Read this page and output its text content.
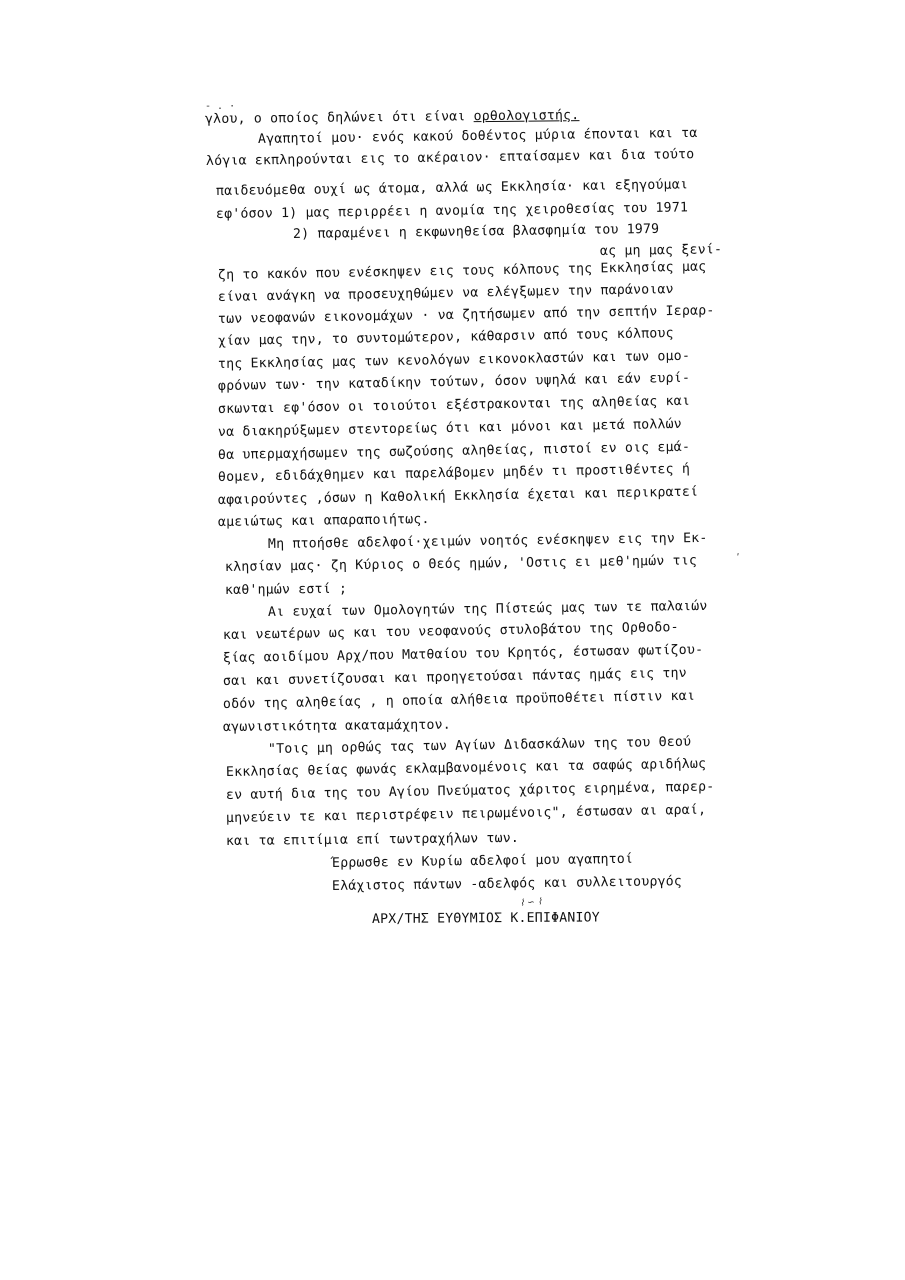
- . ·
γλου, ο οποίος δηλώνει ότι είναι ορθολογιστής.
Αγαπητοί μου· ενός κακού δοθέντος μύρια έπονται και τα
λόγια εκπληρούνται εις το ακέραιον· επταίσαμεν και δια τούτο
παιδευόμεθα ουχί ως άτομα, αλλά ως Εκκλησία· και εξηγούμαι
εφ'όσον 1) μας περιρρέει η ανομία της χειροθεσίας του 1971
2) παραμένει η εκφωνηθείσα βλασφημία του 1979
ας μη μας ξενί-
ζη το κακόν που ενέσκηψεν εις τους κόλπους της Εκκλησίας μας
είναι ανάγκη να προσευχηθώμεν να ελέγξωμεν την παράνοιαν
των νεοφανών εικονομάχων · να ζητήσωμεν από την σεπτήν Ιεραρ-
χίαν μας την, το συντομώτερον, κάθαρσιν από τους κόλπους
της Εκκλησίας μας των κενολόγων εικονοκλαστών και των ομο-
φρόνων των· την καταδίκην τούτων, όσον υψηλά και εάν ευρί-
σκωνται εφ'όσον οι τοιούτοι εξέστρακονται της αληθείας και
να διακηρύξωμεν στεντορείως ότι και μόνοι και μετά πολλών
θα υπερμαχήσωμεν της σωζούσης αληθείας, πιστοί εν οις εμά-
θομεν, εδιδάχθημεν και παρελάβομεν μηδέν τι προστιθέντες ή
αφαιρούντες ,όσων η Καθολική Εκκλησία έχεται και περικρατεί
αμειώτως και απαραποιήτως.
Μη πτοήσθε αδελφοί·χειμών νοητός ενέσκηψεν εις την Εκ-
κλησίαν μας· ζη Κύριος ο Θεός ημών, 'Οστις ει μεθ'ημών τις
καθ'ημών εστί ;
ʹ
Αι ευχαί των Ομολογητών της Πίστεώς μας των τε παλαιών
και νεωτέρων ως και του νεοφανούς στυλοβάτου της Ορθοδο-
ξίας αοιδίμου Αρχ/που Ματθαίου του Κρητός, έστωσαν φωτίζου-
σαι και συνετίζουσαι και προηγετούσαι πάντας ημάς εις την
οδόν της αληθείας , η οποία αλήθεια προϋποθέτει πίστιν και
αγωνιστικότητα ακαταμάχητον.
"Τοις μη ορθώς τας των Αγίων Διδασκάλων της του Θεού
Εκκλησίας θείας φωνάς εκλαμβανομένοις και τα σαφώς αριδήλως
εν αυτή δια της του Αγίου Πνεύματος χάριτος ειρημένα, παρερ-
μηνεύειν τε και περιστρέφειν πειρωμένοις", έστωσαν αι αραί,
και τα επιτίμια επί τωντραχήλων των.
Έρρωσθε εν Κυρίω αδελφοί μου αγαπητοί
Ελάχιστος πάντων -αδελφός και συλλειτουργός
⌇ ∽ ⌇
ΑΡΧ/ΤΗΣ ΕΥΘΥΜΙΟΣ Κ.ΕΠΙΦΑΝΙΟΥ
